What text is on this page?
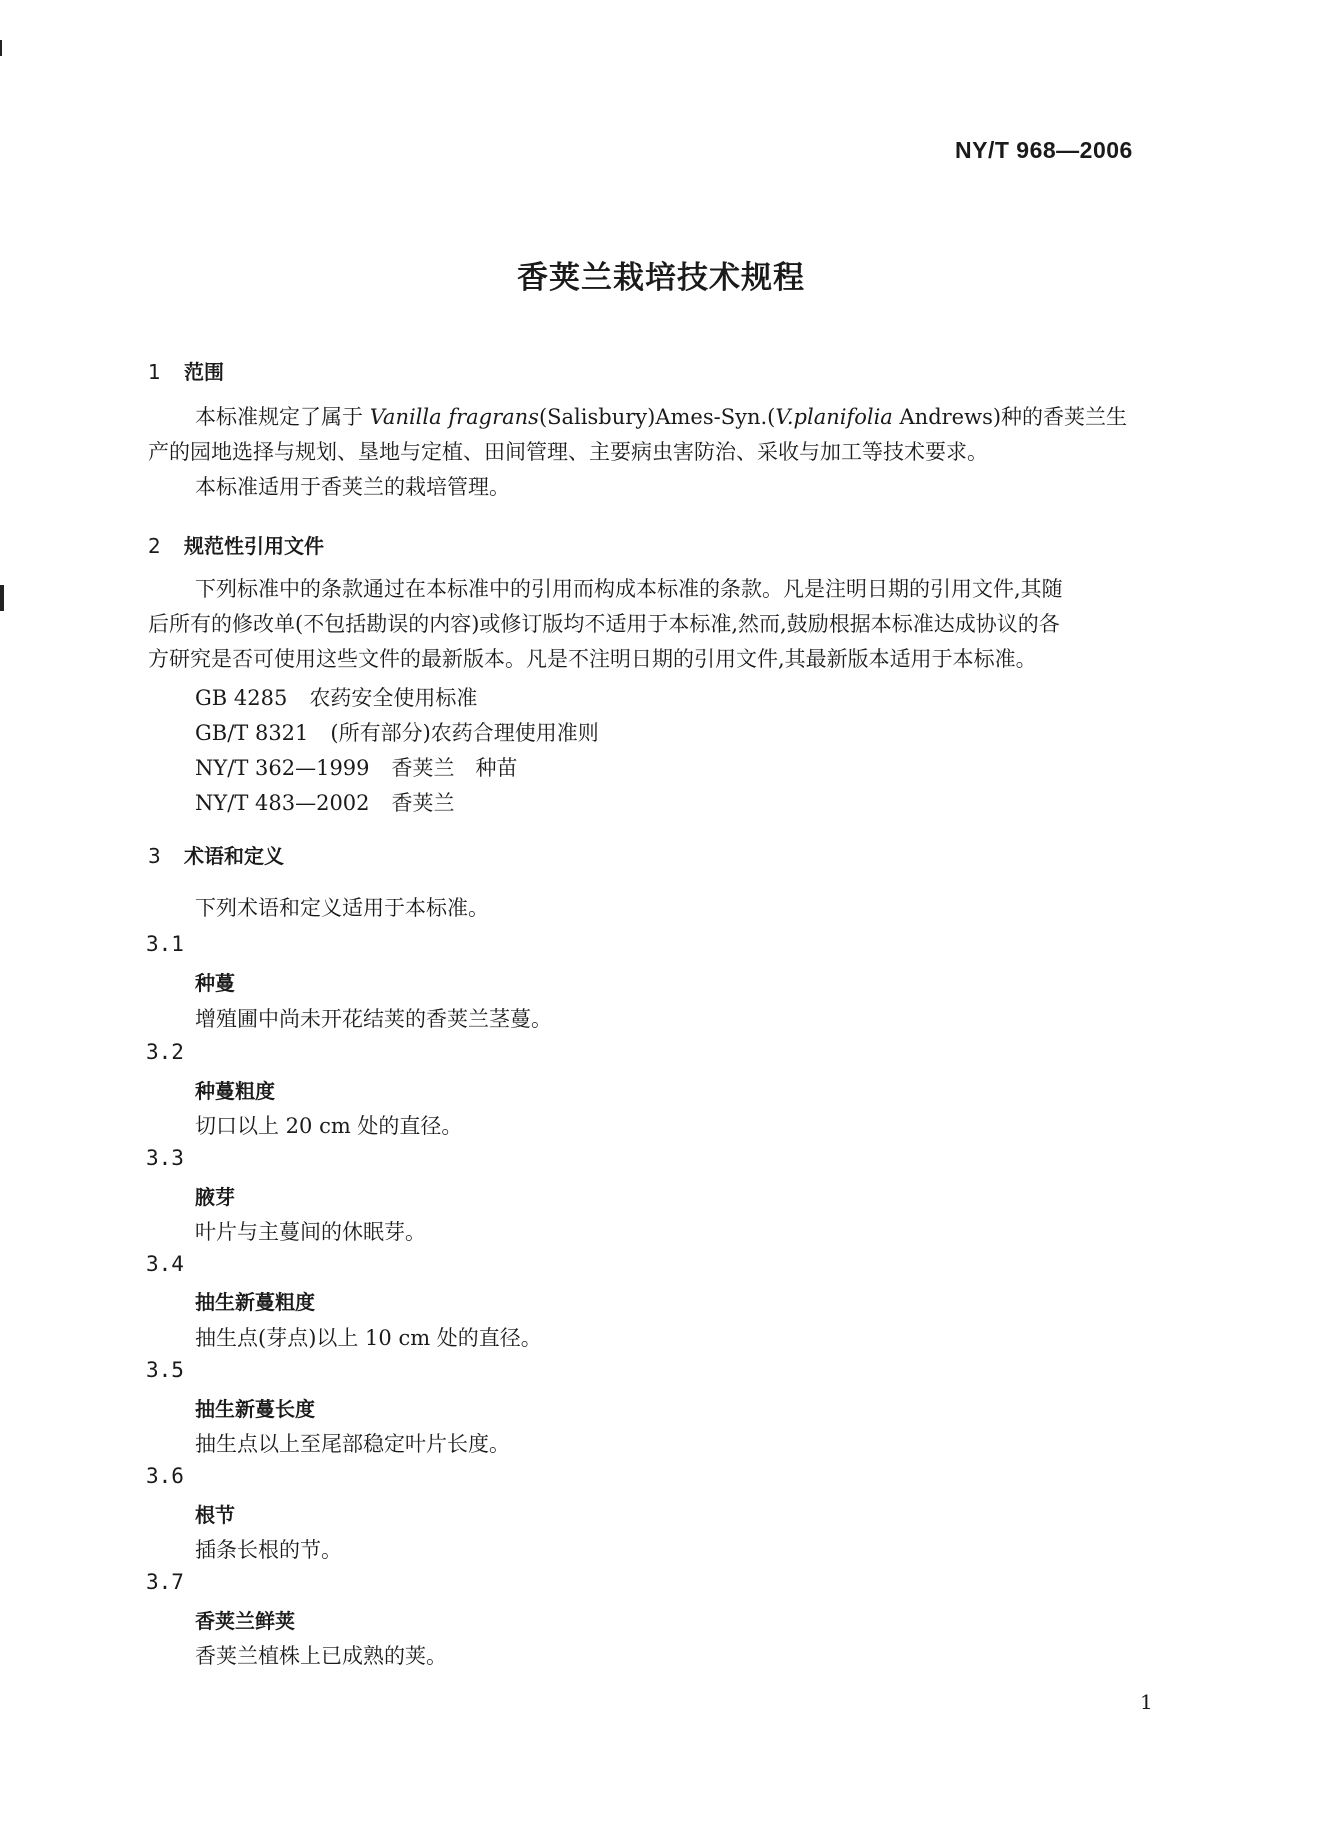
NY/T 968—2006
香荚兰栽培技术规程
1 范围
本标准规定了属于 Vanilla fragrans(Salisbury)Ames-Syn.(V.planifolia Andrews)种的香荚兰生
产的园地选择与规划、垦地与定植、田间管理、主要病虫害防治、采收与加工等技术要求。
本标准适用于香荚兰的栽培管理。
2 规范性引用文件
下列标准中的条款通过在本标准中的引用而构成本标准的条款。凡是注明日期的引用文件,其随
后所有的修改单(不包括勘误的内容)或修订版均不适用于本标准,然而,鼓励根据本标准达成协议的各
方研究是否可使用这些文件的最新版本。凡是不注明日期的引用文件,其最新版本适用于本标准。
GB 4285 农药安全使用标准
GB/T 8321 (所有部分)农药合理使用准则
NY/T 362—1999 香荚兰　种苗
NY/T 483—2002 香荚兰
3 术语和定义
下列术语和定义适用于本标准。
3.1
种蔓
增殖圃中尚未开花结荚的香荚兰茎蔓。
3.2
种蔓粗度
切口以上 20 cm 处的直径。
3.3
腋芽
叶片与主蔓间的休眠芽。
3.4
抽生新蔓粗度
抽生点(芽点)以上 10 cm 处的直径。
3.5
抽生新蔓长度
抽生点以上至尾部稳定叶片长度。
3.6
根节
插条长根的节。
3.7
香荚兰鲜荚
香荚兰植株上已成熟的荚。
1
